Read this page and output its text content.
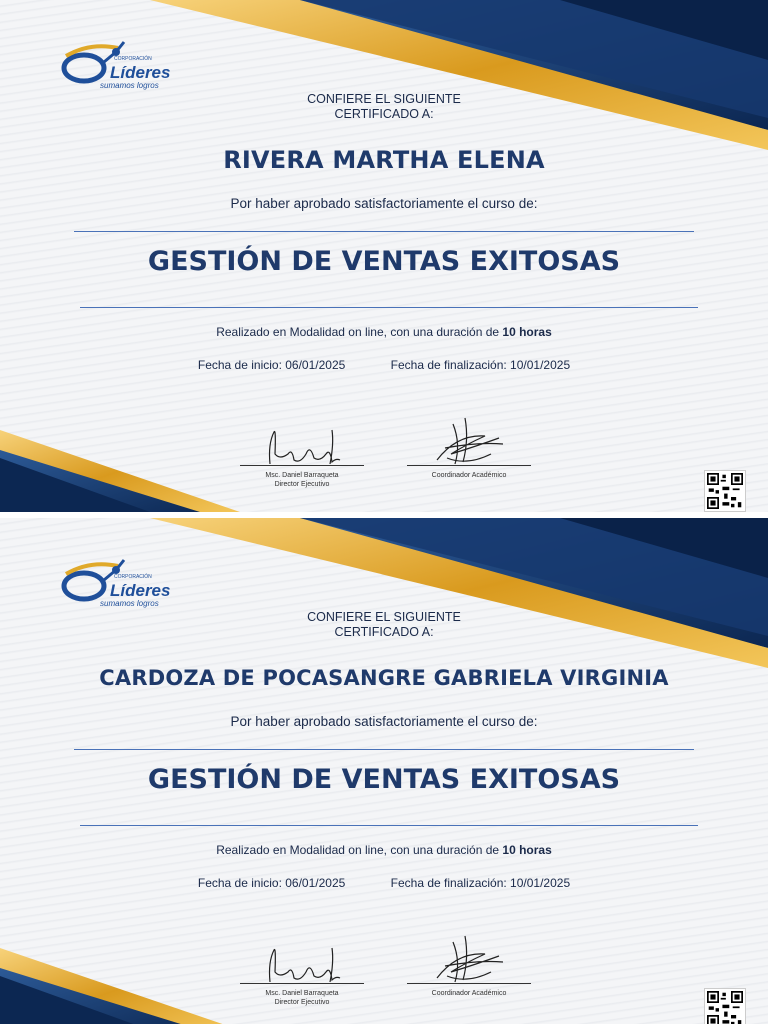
CORPORACIÓN
Líderes
sumamos logros
CONFIERE EL SIGUIENTE
CERTIFICADO A:
RIVERA MARTHA ELENA
Por haber aprobado satisfactoriamente el curso de:
GESTIÓN DE VENTAS EXITOSAS
Realizado en Modalidad on line, con una duración de 10 horas
Fecha de inicio: 06/01/2025	Fecha de finalización: 10/01/2025
Msc. Daniel Barraqueta
Director Ejecutivo
Coordinador Académico
CORPORACIÓN
Líderes
sumamos logros
CONFIERE EL SIGUIENTE
CERTIFICADO A:
CARDOZA DE POCASANGRE GABRIELA VIRGINIA
Por haber aprobado satisfactoriamente el curso de:
GESTIÓN DE VENTAS EXITOSAS
Realizado en Modalidad on line, con una duración de 10 horas
Fecha de inicio: 06/01/2025	Fecha de finalización: 10/01/2025
Msc. Daniel Barraqueta
Director Ejecutivo
Coordinador Académico
